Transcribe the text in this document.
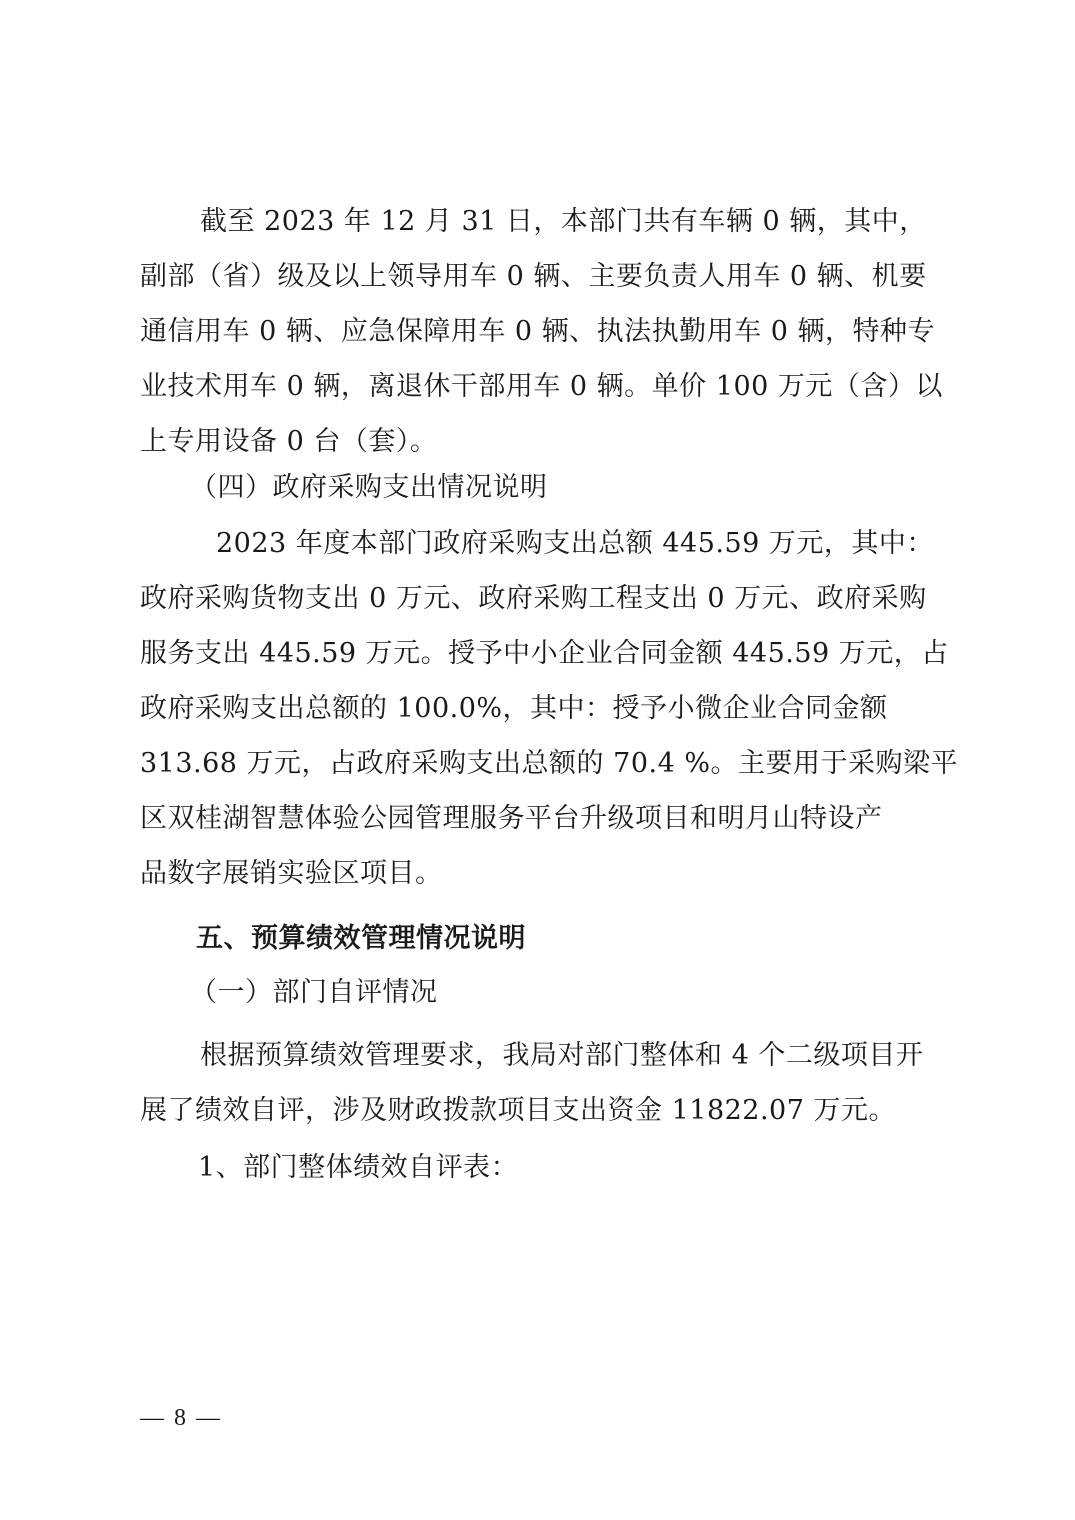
截至 2023 年 12 月 31 日，本部门共有车辆 0 辆，其中，
副部（省）级及以上领导用车 0 辆、主要负责人用车 0 辆、机要
通信用车 0 辆、应急保障用车 0 辆、执法执勤用车 0 辆，特种专
业技术用车 0 辆，离退休干部用车 0 辆。单价 100 万元（含）以
上专用设备 0 台（套）。
（四）政府采购支出情况说明
2023 年度本部门政府采购支出总额 445.59 万元，其中：
政府采购货物支出 0 万元、政府采购工程支出 0 万元、政府采购
服务支出 445.59 万元。授予中小企业合同金额 445.59 万元，占
政府采购支出总额的 100.0%，其中：授予小微企业合同金额
313.68 万元，占政府采购支出总额的 70.4 %。主要用于采购梁平
区双桂湖智慧体验公园管理服务平台升级项目和明月山特设产
品数字展销实验区项目。
五、预算绩效管理情况说明
（一）部门自评情况
根据预算绩效管理要求，我局对部门整体和 4 个二级项目开
展了绩效自评，涉及财政拨款项目支出资金 11822.07 万元。
1、部门整体绩效自评表：
— 8 —
